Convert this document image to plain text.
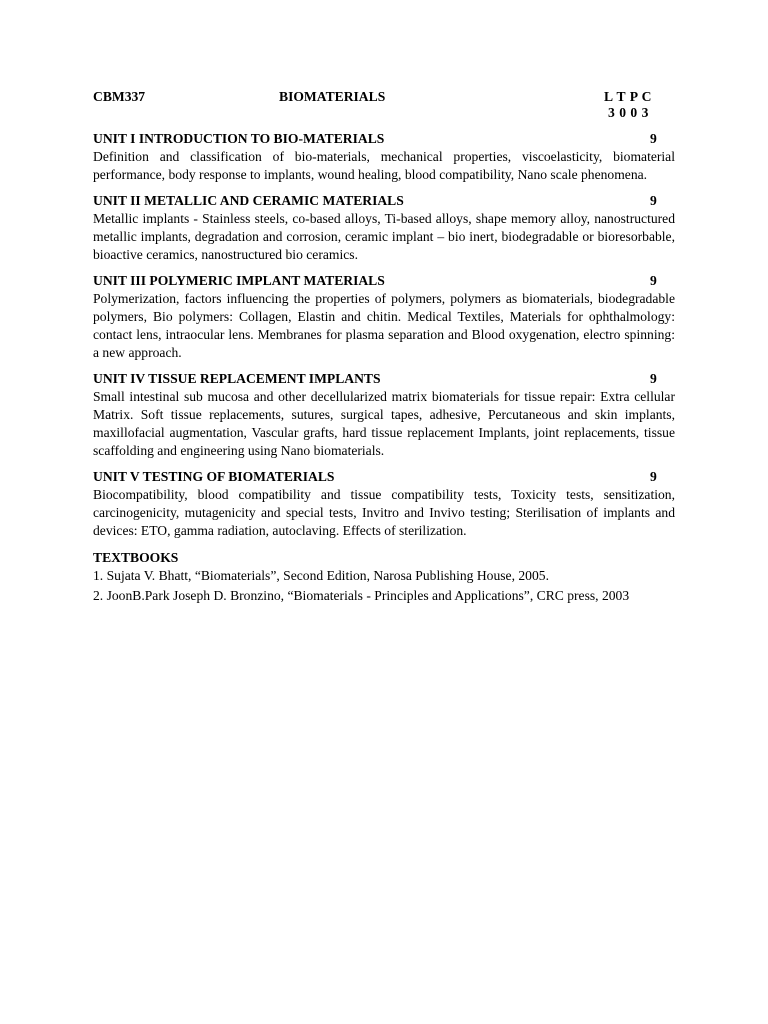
CBM337	BIOMATERIALS	L T P C
3 0 0 3
UNIT I INTRODUCTION TO BIO-MATERIALS	9

Definition and classification of bio-materials, mechanical properties, viscoelasticity, biomaterial performance, body response to implants, wound healing, blood compatibility, Nano scale phenomena.

UNIT II METALLIC AND CERAMIC MATERIALS	9

Metallic implants - Stainless steels, co-based alloys, Ti-based alloys, shape memory alloy, nanostructured metallic implants, degradation and corrosion, ceramic implant – bio inert, biodegradable or bioresorbable, bioactive ceramics, nanostructured bio ceramics.

UNIT III POLYMERIC IMPLANT MATERIALS	9

Polymerization, factors influencing the properties of polymers, polymers as biomaterials, biodegradable polymers, Bio polymers: Collagen, Elastin and chitin. Medical Textiles, Materials for ophthalmology: contact lens, intraocular lens. Membranes for plasma separation and Blood oxygenation, electro spinning: a new approach.

UNIT IV TISSUE REPLACEMENT IMPLANTS	9

Small intestinal sub mucosa and other decellularized matrix biomaterials for tissue repair: Extra cellular Matrix. Soft tissue replacements, sutures, surgical tapes, adhesive, Percutaneous and skin implants, maxillofacial augmentation, Vascular grafts, hard tissue replacement Implants, joint replacements, tissue scaffolding and engineering using Nano biomaterials.

UNIT V TESTING OF BIOMATERIALS	9

Biocompatibility, blood compatibility and tissue compatibility tests, Toxicity tests, sensitization, carcinogenicity, mutagenicity and special tests, Invitro and Invivo testing; Sterilisation of implants and devices: ETO, gamma radiation, autoclaving. Effects of sterilization.

TEXTBOOKS

1. Sujata V. Bhatt, “Biomaterials”, Second Edition, Narosa Publishing House, 2005.

2. JoonB.Park Joseph D. Bronzino, “Biomaterials - Principles and Applications”, CRC press, 2003
